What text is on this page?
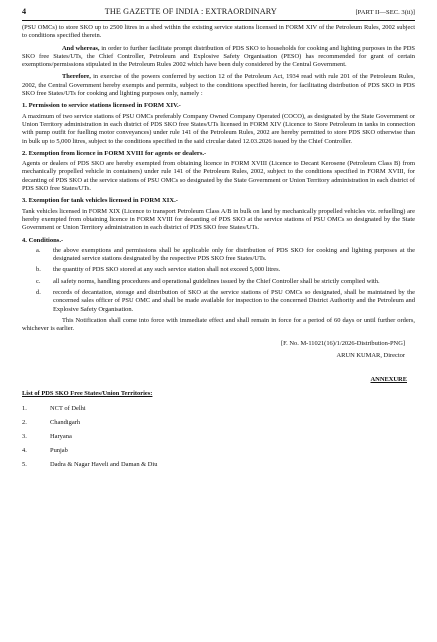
4	THE GAZETTE OF INDIA : EXTRAORDINARY	[PART II—SEC. 3(ii)]

(PSU OMCs) to store SKO up to 2500 litres in a shed within the existing service stations licensed in FORM XIV of the Petroleum Rules, 2002 subject to conditions specified therein.

And whereas, in order to further facilitate prompt distribution of PDS SKO to households for cooking and lighting purposes in the PDS SKO free States/UTs, the Chief Controller, Petroleum and Explosive Safety Organisation (PESO) has recommended for grant of certain exemptions/permissions stipulated in the Petroleum Rules 2002 which have been duly considered by the Central Government.

Therefore, in exercise of the powers conferred by section 12 of the Petroleum Act, 1934 read with rule 201 of the Petroleum Rules, 2002, the Central Government hereby exempts and permits, subject to the conditions specified herein, for facilitating distribution of PDS SKO in PDS SKO free States/UTs for cooking and lighting purposes only, namely :

1. Permission to service stations licensed in FORM XIV.-

A maximum of two service stations of PSU OMCs preferably Company Owned Company Operated (COCO), as designated by the State Government or Union Territory administration in each district of PDS SKO free States/UTs licensed in FORM XIV (Licence to Store Petroleum in tanks in connection with pump outfit for fuelling motor conveyances) under rule 141 of the Petroleum Rules, 2002 are hereby permitted to store PDS SKO otherwise than in bulk up to 5,000 litres, subject to the conditions specified in the said circular dated 12.03.2026 issued by the Chief Controller.

2. Exemption from licence in FORM XVIII for agents or dealers.-

Agents or dealers of PDS SKO are hereby exempted from obtaining licence in FORM XVIII (Licence to Decant Kerosene (Petroleum Class B) from mechanically propelled vehicle in containers) under rule 141 of the Petroleum Rules, 2002, subject to the conditions specified in FORM XVIII, for decanting of PDS SKO at the service stations of PSU OMCs so designated by the State Government or Union Territory administration in each district of PDS SKO free States/UTs.

3. Exemption for tank vehicles licensed in FORM XIX.-

Tank vehicles licensed in FORM XIX (Licence to transport Petroleum Class A/B in bulk on land by mechanically propelled vehicles viz. refuelling) are hereby exempted from obtaining licence in FORM XVIII for decanting of PDS SKO at the service stations of PSU OMCs so designated by the State Government or Union Territory administration in each district of PDS SKO free States/UTs.

4. Conditions.-
a.	the above exemptions and permissions shall be applicable only for distribution of PDS SKO for cooking and lighting purposes at the designated service stations designated by the respective PDS SKO free States/UTs.
b.	the quantity of PDS SKO stored at any such service station shall not exceed 5,000 litres.
c.	all safety norms, handling procedures and operational guidelines issued by the Chief Controller shall be strictly complied with.
d.	records of decantation, storage and distribution of SKO at the service stations of PSU OMCs so designated, shall be maintained by the concerned sales officer of PSU OMC and shall be made available for inspection to the concerned District Authority and the Petroleum and Explosive Safety Organisation.

This Notification shall come into force with immediate effect and shall remain in force for a period of 60 days or until further orders, whichever is earlier.

[F. No. M-11021(16)/1/2026-Distribution-PNG]
ARUN KUMAR, Director
ANNEXURE
List of PDS SKO Free States/Union Territories:
1.	NCT of Delhi
2.	Chandigarh
3.	Haryana
4.	Punjab
5.	Dadra & Nagar Haveli and Daman & Diu
